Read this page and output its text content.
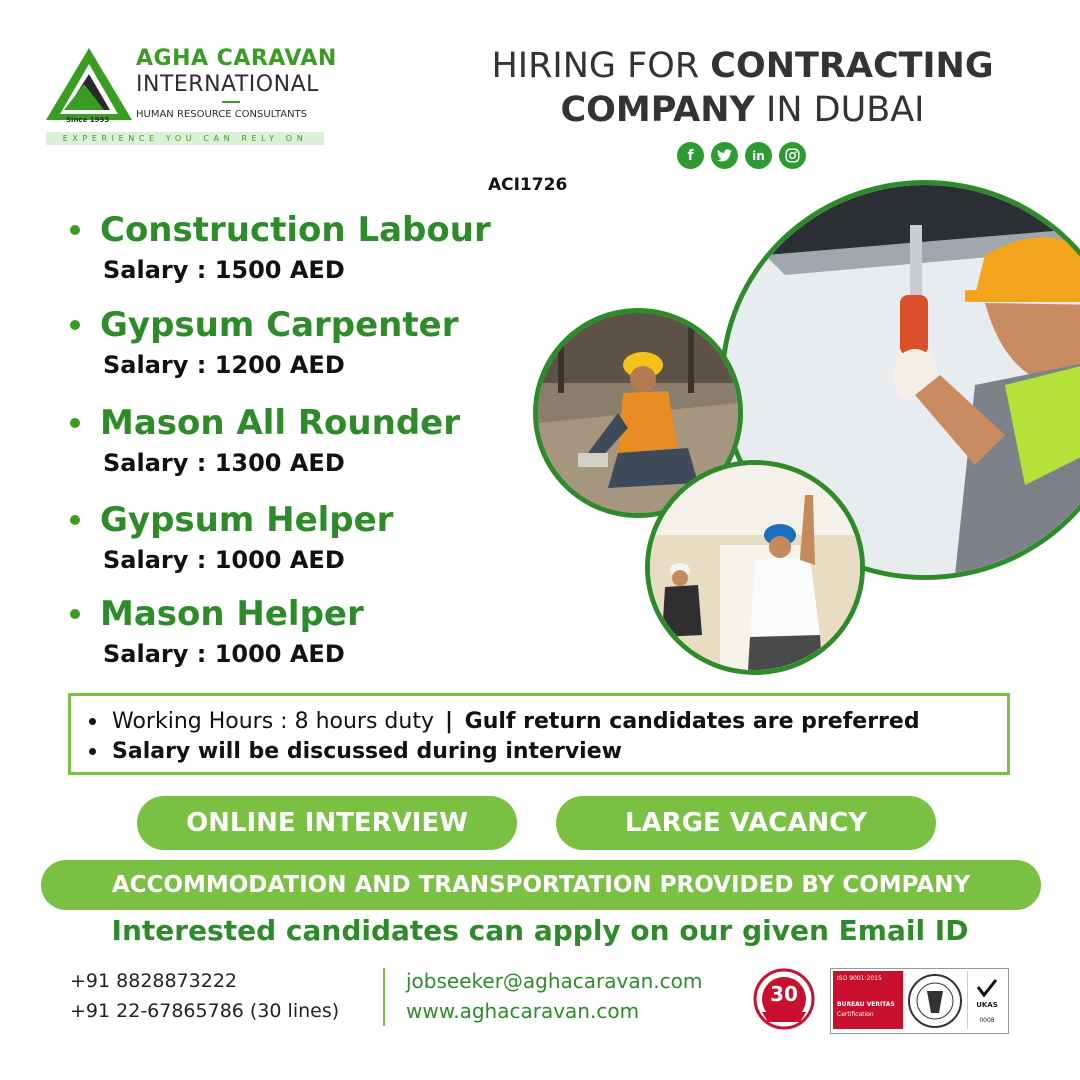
Since 1993
AGHA CARAVAN
INTERNATIONAL
HUMAN RESOURCE CONSULTANTS
EXPERIENCE YOU CAN RELY ON
HIRING FOR CONTRACTING
COMPANY IN DUBAI
f	in
ACI1726
Construction Labour
Salary : 1500 AED
Gypsum Carpenter
Salary : 1200 AED
Mason All Rounder
Salary : 1300 AED
Gypsum Helper
Salary : 1000 AED
Mason Helper
Salary : 1000 AED
Working Hours : 8 hours duty | Gulf return candidates are preferred
Salary will be discussed during interview
ONLINE INTERVIEW	LARGE VACANCY
ACCOMMODATION AND TRANSPORTATION PROVIDED BY COMPANY
Interested candidates can apply on our given Email ID
+91 8828873222
+91 22-67865786 (30 lines)
jobseeker@aghacaravan.com
www.aghacaravan.com
30
ISO 9001:2015
BUREAU VERITAS
Certification
UKAS
0008
